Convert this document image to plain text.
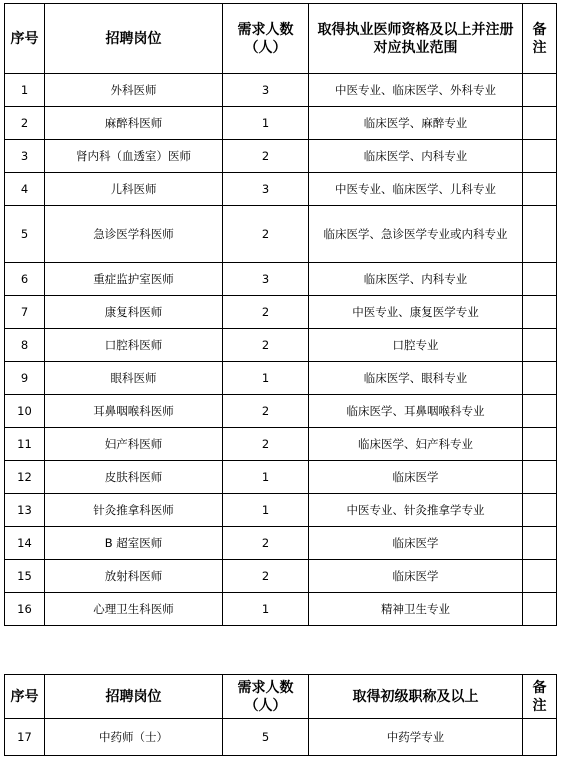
序号	招聘岗位	需求人数（人）	取得执业医师资格及以上并注册对应执业范围	备注
1	外科医师	3	中医专业、临床医学、外科专业	
2	麻醉科医师	1	临床医学、麻醉专业	
3	肾内科（血透室）医师	2	临床医学、内科专业	
4	儿科医师	3	中医专业、临床医学、儿科专业	
5	急诊医学科医师	2	临床医学、急诊医学专业或内科专业	
6	重症监护室医师	3	临床医学、内科专业	
7	康复科医师	2	中医专业、康复医学专业	
8	口腔科医师	2	口腔专业	
9	眼科医师	1	临床医学、眼科专业	
10	耳鼻咽喉科医师	2	临床医学、耳鼻咽喉科专业	
11	妇产科医师	2	临床医学、妇产科专业	
12	皮肤科医师	1	临床医学	
13	针灸推拿科医师	1	中医专业、针灸推拿学专业	
14	B 超室医师	2	临床医学	
15	放射科医师	2	临床医学	
16	心理卫生科医师	1	精神卫生专业	
序号	招聘岗位	需求人数（人）	取得初级职称及以上	备注
17	中药师（士）	5	中药学专业	
